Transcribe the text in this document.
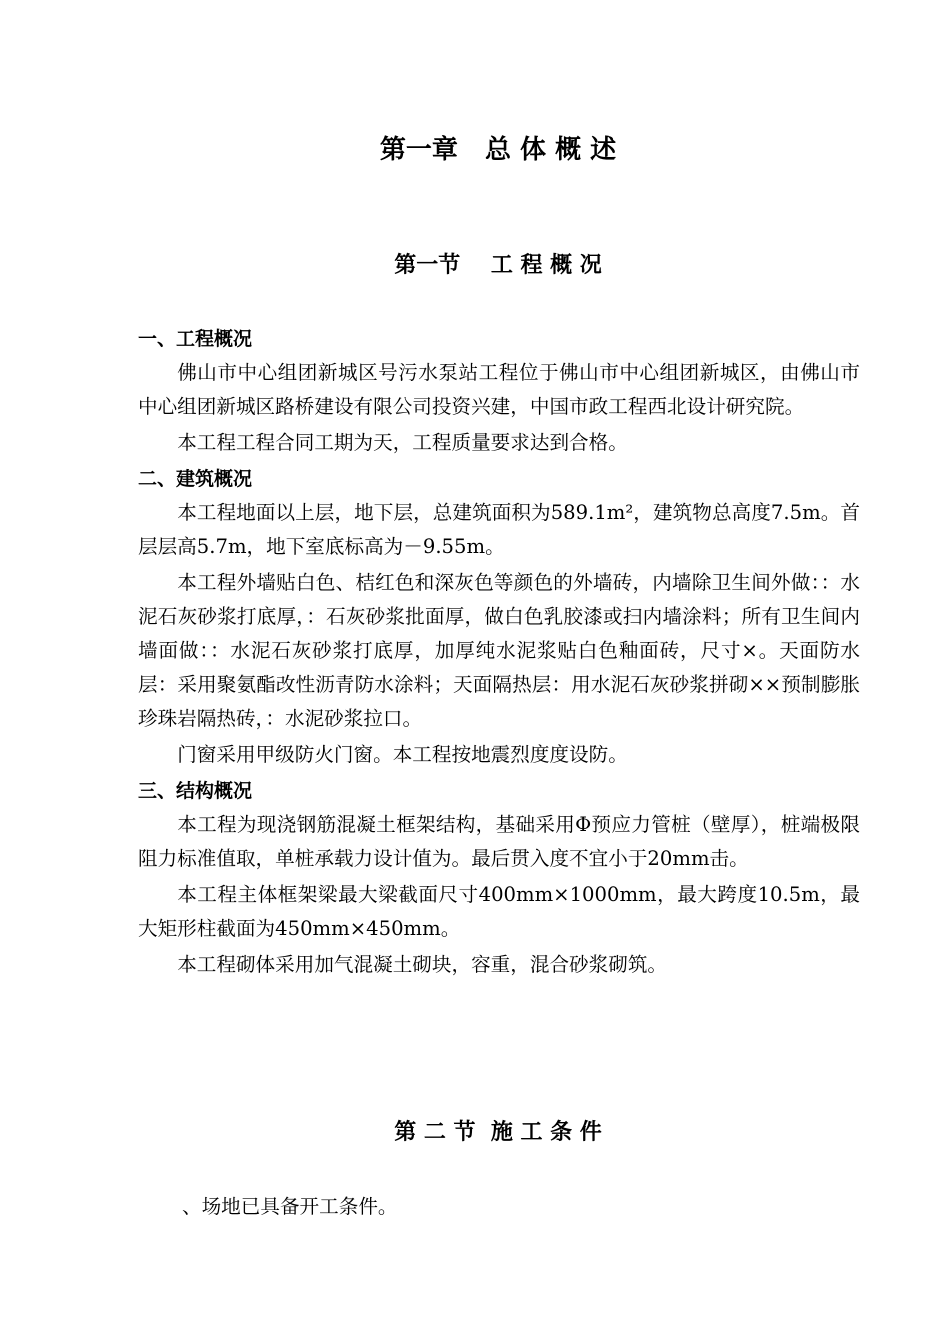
第一章   总 体 概 述
第一节    工 程 概 况

一、工程概况

佛山市中心组团新城区号污水泵站工程位于佛山市中心组团新城区，由佛山市中心组团新城区路桥建设有限公司投资兴建，中国市政工程西北设计研究院。

本工程工程合同工期为天，工程质量要求达到合格。

二、建筑概况

本工程地面以上层，地下层，总建筑面积为589.1m²，建筑物总高度7.5m。首层层高5.7m，地下室底标高为－9.55m。

本工程外墙贴白色、桔红色和深灰色等颜色的外墙砖，内墙除卫生间外做：：水泥石灰砂浆打底厚，：石灰砂浆批面厚，做白色乳胶漆或扫内墙涂料；所有卫生间内墙面做：：水泥石灰砂浆打底厚，加厚纯水泥浆贴白色釉面砖，尺寸×。天面防水层：采用聚氨酯改性沥青防水涂料；天面隔热层：用水泥石灰砂浆拼砌××预制膨胀珍珠岩隔热砖，：水泥砂浆拉口。

门窗采用甲级防火门窗。本工程按地震烈度度设防。

三、结构概况

本工程为现浇钢筋混凝土框架结构，基础采用Φ预应力管桩（壁厚），桩端极限阻力标准值取，单桩承载力设计值为。最后贯入度不宜小于20mm击。

本工程主体框架梁最大梁截面尺寸400mm×1000mm，最大跨度10.5m，最大矩形柱截面为450mm×450mm。

本工程砌体采用加气混凝土砌块，容重，混合砂浆砌筑。

第 二 节  施 工 条 件
、场地已具备开工条件。
